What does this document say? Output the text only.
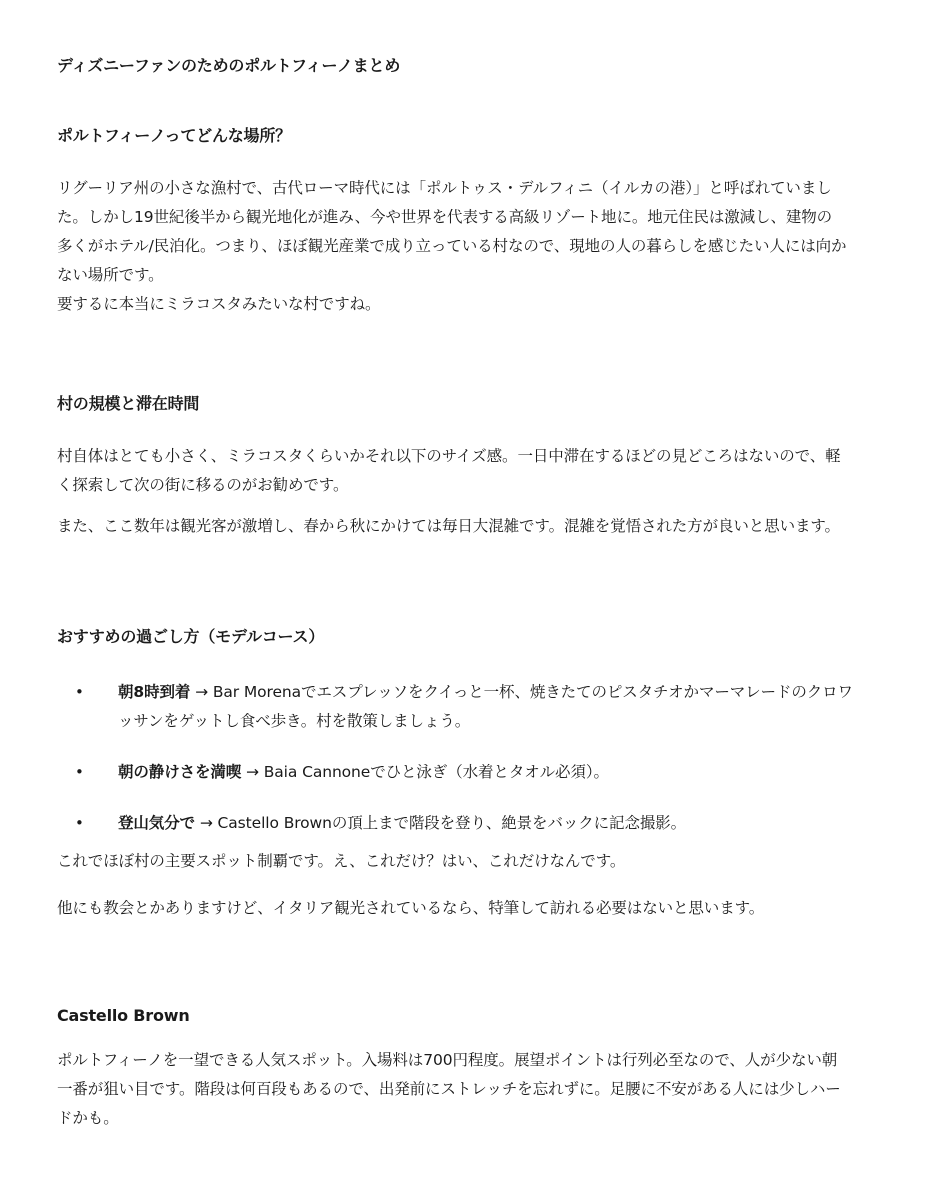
ディズニーファンのためのポルトフィーノまとめ
ポルトフィーノってどんな場所？

リグーリア州の小さな漁村で、古代ローマ時代には「ポルトゥス・デルフィニ（イルカの港）」と呼ばれていました。しかし19世紀後半から観光地化が進み、今や世界を代表する高級リゾート地に。地元住民は激減し、建物の多くがホテル/民泊化。つまり、ほぼ観光産業で成り立っている村なので、現地の人の暮らしを感じたい人には向かない場所です。

要するに本当にミラコスタみたいな村ですね。

村の規模と滞在時間

村自体はとても小さく、ミラコスタくらいかそれ以下のサイズ感。一日中滞在するほどの見どころはないので、軽く探索して次の街に移るのがお勧めです。

また、ここ数年は観光客が激増し、春から秋にかけては毎日大混雑です。混雑を覚悟された方が良いと思います。

おすすめの過ごし方（モデルコース）
• 朝8時到着 → Bar Morenaでエスプレッソをクイっと一杯、焼きたてのピスタチオかマーマレードのクロワッサンをゲットし食べ歩き。村を散策しましょう。
• 朝の静けさを満喫 → Baia Cannoneでひと泳ぎ（水着とタオル必須）。
• 登山気分で → Castello Brownの頂上まで階段を登り、絶景をバックに記念撮影。

これでほぼ村の主要スポット制覇です。え、これだけ？はい、これだけなんです。

他にも教会とかありますけど、イタリア観光されているなら、特筆して訪れる必要はないと思います。

Castello Brown

ポルトフィーノを一望できる人気スポット。入場料は700円程度。展望ポイントは行列必至なので、人が少ない朝一番が狙い目です。階段は何百段もあるので、出発前にストレッチを忘れずに。足腰に不安がある人には少しハードかも。
